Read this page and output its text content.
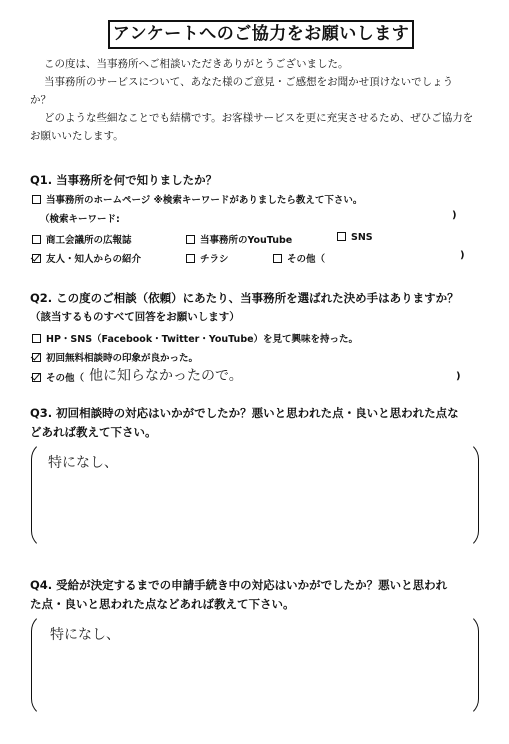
アンケートへのご協力をお願いします
この度は、当事務所へご相談いただきありがとうございました。
当事務所のサービスについて、あなた様のご意見・ご感想をお聞かせ頂けないでしょう
か？
どのような些細なことでも結構です。お客様サービスを更に充実させるため、ぜひご協力を
お願いいたします。
Q1. 当事務所を何で知りましたか？
当事務所のホームページ ※検索キーワードがありましたら教えて下さい。
（検索キーワード:	)
商工会議所の広報誌	当事務所のYouTube	SNS
友人・知人からの紹介	チラシ	その他（	)
Q2. この度のご相談（依頼）にあたり、当事務所を選ばれた決め手はありますか？
（該当するものすべて回答をお願いします）
HP・SNS（Facebook・Twitter・YouTube）を見て興味を持った。
初回無料相談時の印象が良かった。
その他（ 他に知らなかったので。	)
Q3. 初回相談時の対応はいかがでしたか？悪いと思われた点・良いと思われた点な
どあれば教えて下さい。
特になし、
Q4. 受給が決定するまでの申請手続き中の対応はいかがでしたか？悪いと思われ
た点・良いと思われた点などあれば教えて下さい。
特になし、
